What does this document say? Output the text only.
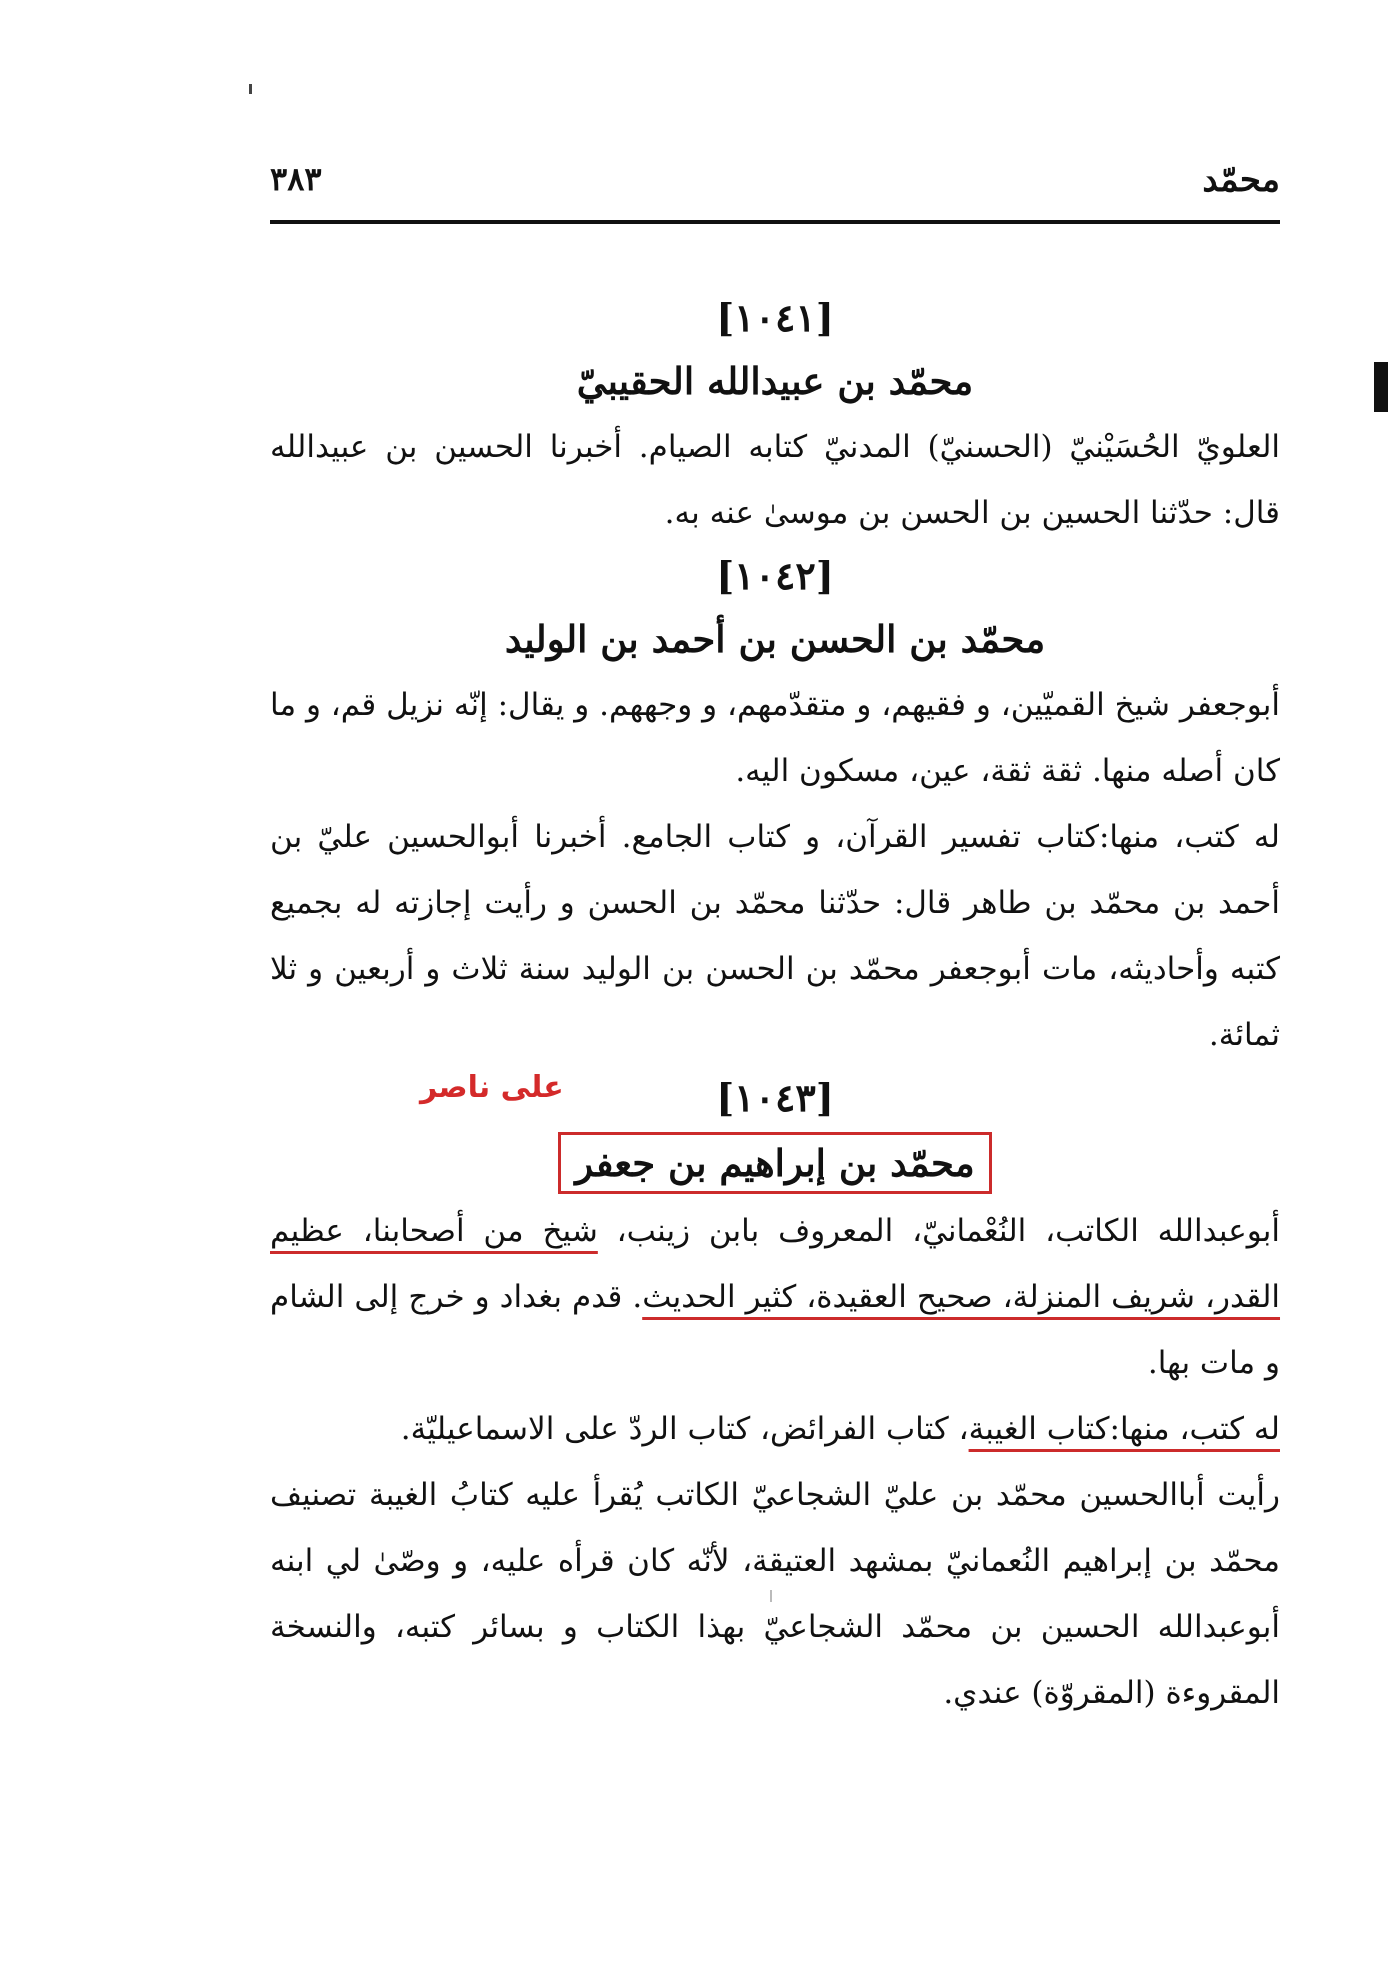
محمّد
٣٨٣
[١٠٤١]
محمّد بن عبيدالله الحقيبيّ

العلويّ الحُسَيْنيّ (الحسنيّ) المدنيّ كتابه الصيام. أخبرنا الحسين بن عبيدالله قال: حدّثنا الحسين بن الحسن بن موسىٰ عنه به.

[١٠٤٢]
محمّد بن الحسن بن أحمد بن الوليد

أبوجعفر شيخ القميّين، و فقيهم، و متقدّمهم، و وجههم. و يقال: إنّه نزيل قم، و ما كان أصله منها. ثقة ثقة، عين، مسكون اليه.

له كتب، منها:كتاب تفسير القرآن، و كتاب الجامع. أخبرنا أبوالحسين عليّ بن أحمد بن محمّد بن طاهر قال: حدّثنا محمّد بن الحسن و رأيت إجازته له بجميع كتبه وأحاديثه، مات أبوجعفر محمّد بن الحسن بن الوليد سنة ثلاث و أربعين و ثلا ثمائة.

على ناصر	[١٠٤٣]
محمّد بن إبراهيم بن جعفر

أبوعبدالله الكاتب، النُعْمانيّ، المعروف بابن زينب، شيخ من أصحابنا، عظيم القدر، شريف المنزلة، صحيح العقيدة، كثير الحديث. قدم بغداد و خرج إلى الشام و مات بها.

له كتب، منها:كتاب الغيبة، كتاب الفرائض، كتاب الردّ على الاسماعيليّة.

رأيت أباالحسين محمّد بن عليّ الشجاعيّ الكاتب يُقرأ عليه كتابُ الغيبة تصنيف محمّد بن إبراهيم النُعمانيّ بمشهد العتيقة، لأنّه كان قرأه عليه، و وصّىٰ لي ابنه أبوعبدالله الحسين بن محمّد الشجاعيّ بهذا الكتاب و بسائر كتبه، والنسخة المقروءة (المقروّة) عندي.
